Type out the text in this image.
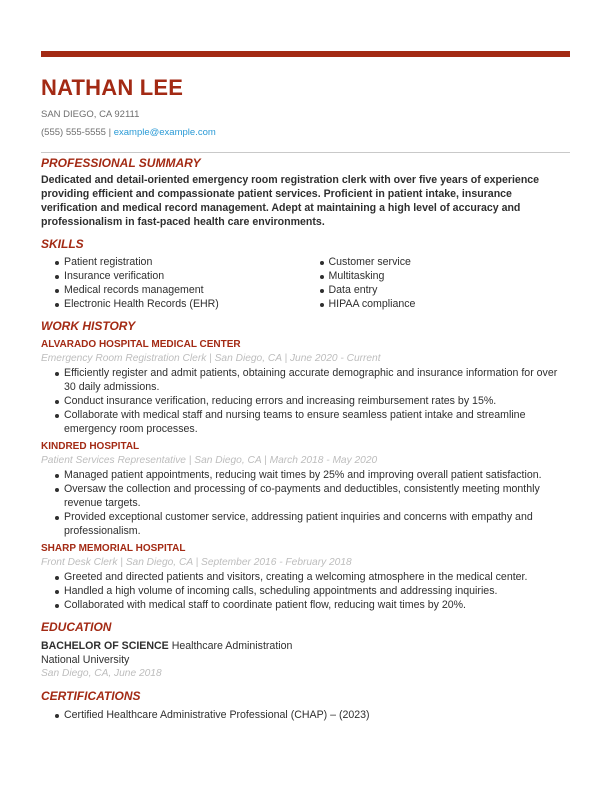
NATHAN LEE
SAN DIEGO, CA 92111
(555) 555-5555 | example@example.com
PROFESSIONAL SUMMARY
Dedicated and detail-oriented emergency room registration clerk with over five years of experience providing efficient and compassionate patient services. Proficient in patient intake, insurance verification and medical record management. Adept at maintaining a high level of accuracy and professionalism in fast-paced health care environments.
SKILLS
Patient registration
Insurance verification
Medical records management
Electronic Health Records (EHR)
Customer service
Multitasking
Data entry
HIPAA compliance
WORK HISTORY
ALVARADO HOSPITAL MEDICAL CENTER
Emergency Room Registration Clerk | San Diego, CA | June 2020 - Current
Efficiently register and admit patients, obtaining accurate demographic and insurance information for over 30 daily admissions.
Conduct insurance verification, reducing errors and increasing reimbursement rates by 15%.
Collaborate with medical staff and nursing teams to ensure seamless patient intake and streamline emergency room processes.
KINDRED HOSPITAL
Patient Services Representative | San Diego, CA | March 2018 - May 2020
Managed patient appointments, reducing wait times by 25% and improving overall patient satisfaction.
Oversaw the collection and processing of co-payments and deductibles, consistently meeting monthly revenue targets.
Provided exceptional customer service, addressing patient inquiries and concerns with empathy and professionalism.
SHARP MEMORIAL HOSPITAL
Front Desk Clerk | San Diego, CA | September 2016 - February 2018
Greeted and directed patients and visitors, creating a welcoming atmosphere in the medical center.
Handled a high volume of incoming calls, scheduling appointments and addressing inquiries.
Collaborated with medical staff to coordinate patient flow, reducing wait times by 20%.
EDUCATION
BACHELOR OF SCIENCE Healthcare Administration
National University
San Diego, CA, June 2018
CERTIFICATIONS
Certified Healthcare Administrative Professional (CHAP) – (2023)
